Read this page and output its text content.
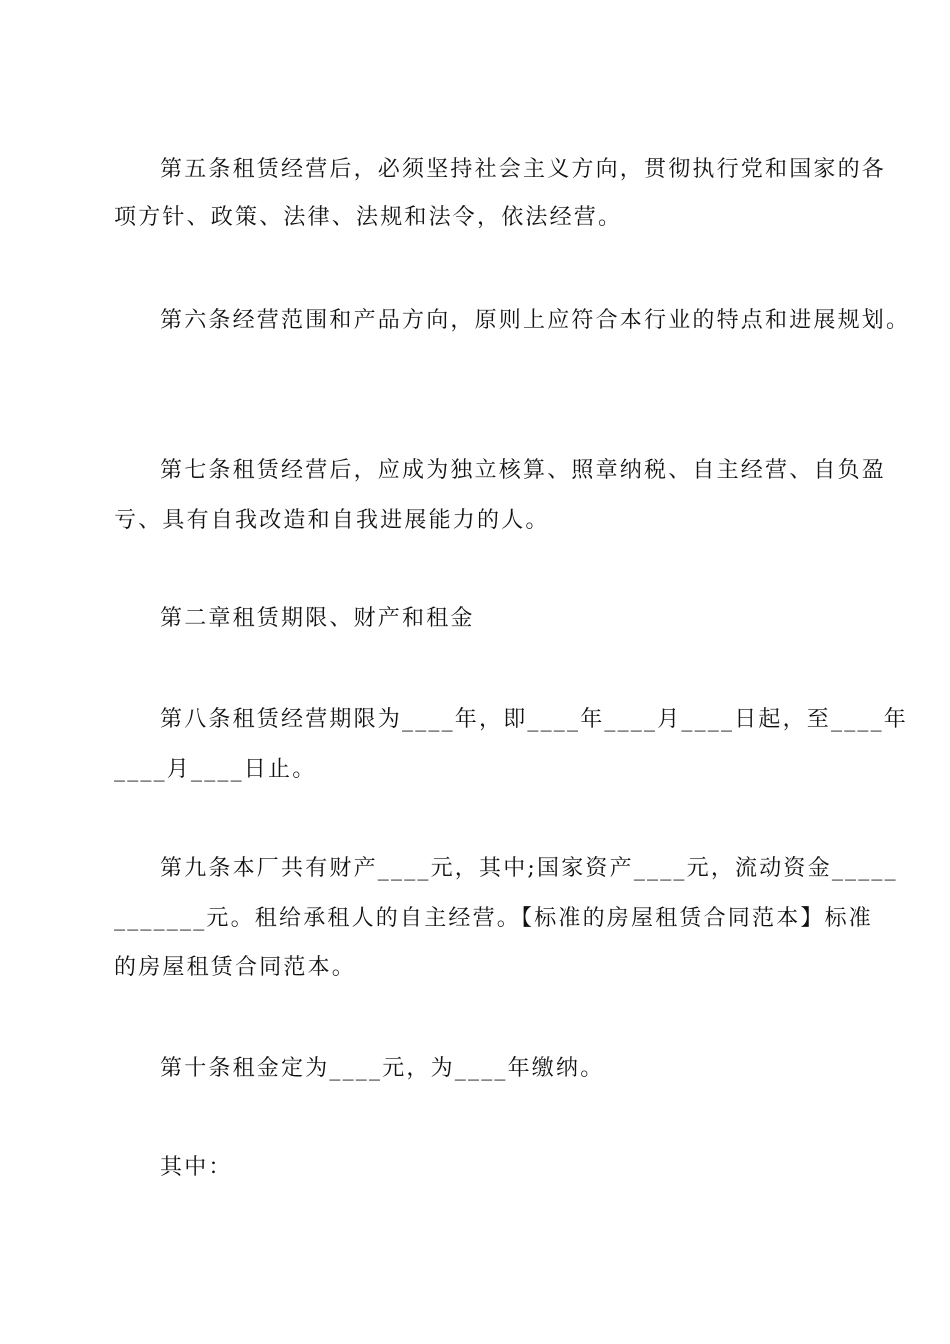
第五条租赁经营后，必须坚持社会主义方向，贯彻执行党和国家的各

项方针、政策、法律、法规和法令，依法经营。

第六条经营范围和产品方向，原则上应符合本行业的特点和进展规划。

第七条租赁经营后，应成为独立核算、照章纳税、自主经营、自负盈

亏、具有自我改造和自我进展能力的人。

第二章租赁期限、财产和租金

第八条租赁经营期限为____年，即____年____月____日起，至____年

____月____日止。

第九条本厂共有财产____元，其中;国家资产____元，流动资金_____

_______元。租给承租人的自主经营。【标准的房屋租赁合同范本】标准

的房屋租赁合同范本。

第十条租金定为____元，为____年缴纳。

其中：
